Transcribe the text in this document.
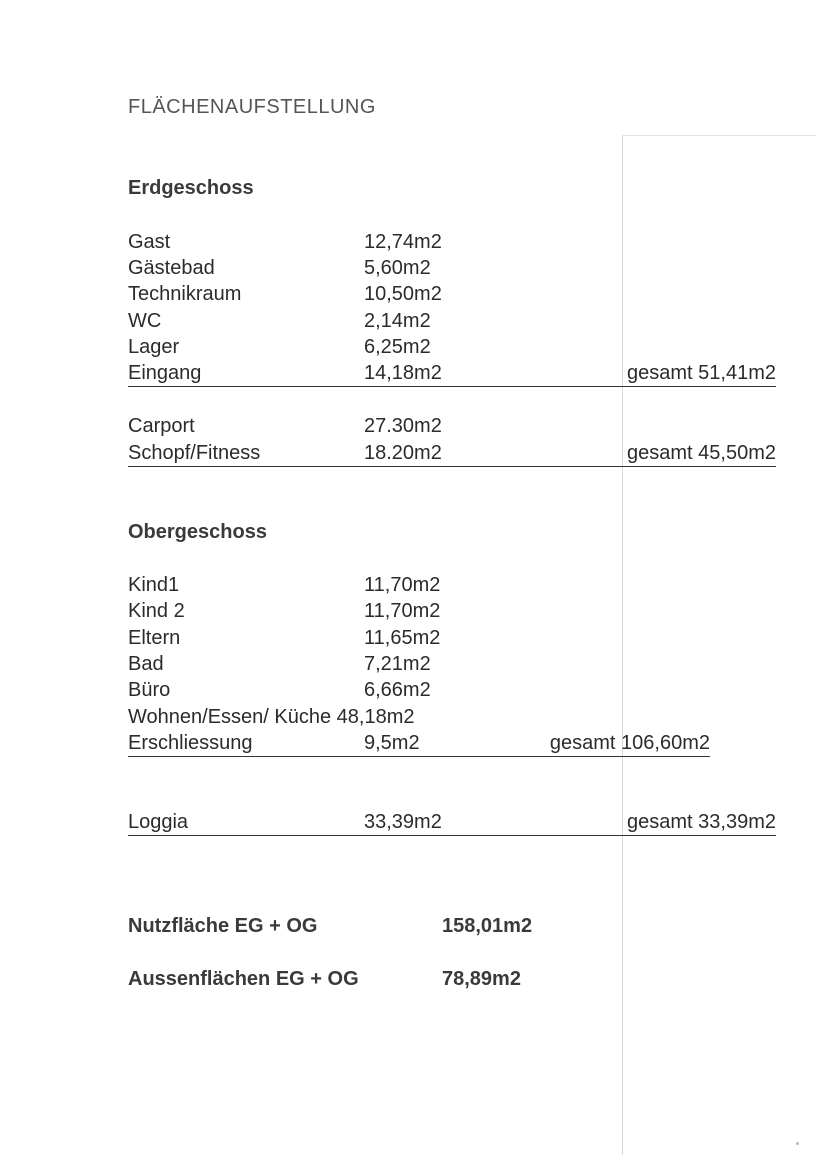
FLÄCHENAUFSTELLUNG
Erdgeschoss
Gast	12,74m2
Gästebad	5,60m2
Technikraum	10,50m2
WC	2,14m2
Lager	6,25m2
Eingang	14,18m2	gesamt 51,41m2
Carport	27.30m2
Schopf/Fitness	18.20m2	gesamt 45,50m2
Obergeschoss
Kind1	11,70m2
Kind 2	11,70m2
Eltern	11,65m2
Bad	7,21m2
Büro	6,66m2
Wohnen/Essen/ Küche 48,18m2
Erschliessung	9,5m2	gesamt 106,60m2
Loggia	33,39m2	gesamt 33,39m2
Nutzfläche EG + OG	158,01m2
Aussenflächen EG + OG	78,89m2
